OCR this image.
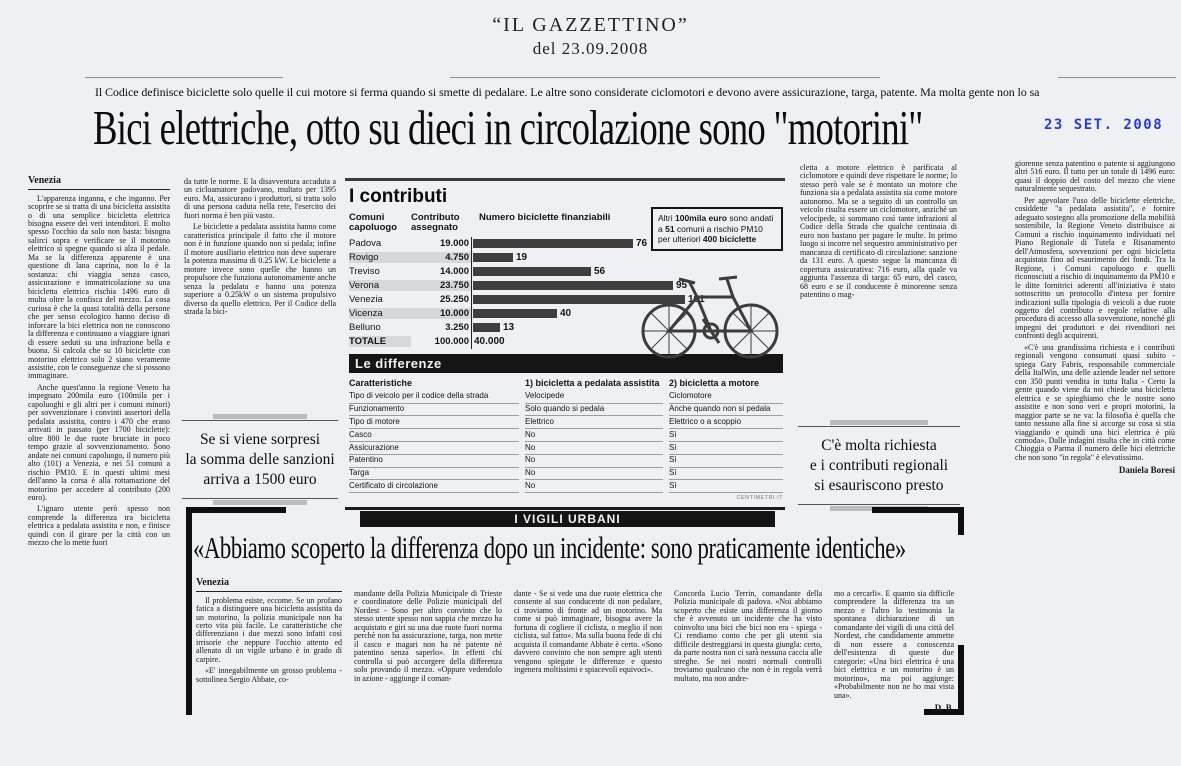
“IL GAZZETTINO”
del 23.09.2008
Il Codice definisce biciclette solo quelle il cui motore si ferma quando si smette di pedalare. Le altre sono considerate ciclomotori e devono avere assicurazione, targa, patente. Ma molta gente non lo sa
Bici elettriche, otto su dieci in circolazione sono "motorini"	23 SET. 2008
Venezia

L'apparenza inganna, e che inganno. Per scoprire se si tratta di una bicicletta assistita o di una semplice bicicletta elettrica bisogna essere dei veri intenditori. E molto spesso l'occhio da solo non basta: bisogna salirci sopra e verificare se il motorino elettrico si spegne quando si alza il pedale. Ma se la differenza apparente è una questione di lana caprina, non lo è la sostanza: chi viaggia senza casco, assicurazione e immatricolazione su una bicicletta elettrica rischia 1496 euro di multa oltre la confisca del mezzo. La cosa curiosa è che la quasi totalità della persone che per senso ecologico hanno deciso di inforcare la bici elettrica non ne conoscono la differenza e continuano a viaggiare ignari di essere seduti su una infrazione bella e buona. Si calcola che su 10 biciclette con motorino elettrico solo 2 siano veramente assistite, con le conseguenze che si possono immaginare.

Anche quest'anno la regione Veneto ha impegnato 200mila euro (100mila per i capoluoghi e gli altri per i comuni minori) per sovvenzionare i convinti assertori della pedalata assistita, contro i 470 che erano arrivati in passato (per 1700 biciclette): oltre 800 le due ruote bruciate in poco tempo grazie al sovvenzionamento. Sono andate nei comuni capoluogo, il numero più alto (101) a Venezia, e nei 51 comuni a rischio PM10. E in questi ultimi mesi dell'anno la corsa è alla rottamazione del motorino per accedere al contributo (200 euro).

L'ignaro utente però spesso non comprende la differenza tra bicicletta elettrica a pedalata assistita e non, e finisce quindi con il girare per la città con un mezzo che lo mette fuori

da tutte le norme. È la disavventura accaduta a un cicloamatore padovano, multato per 1395 euro. Ma, assicurano i produttori, si tratta solo di una persona caduta nella rete, l'esercito dei fuori norma è ben più vasto.

Le biciclette a pedalata assistita hanno come caratteristica principale il fatto che il motore non è in funzione quando non si pedala; infine il motore ausiliario elettrico non deve superare la potenza massima di 0.25 kW. Le biciclette a motore invece sono quelle che hanno un propulsore che funziona autonomamente anche senza la pedalata e hanno una potenza superiore a 0.25kW o un sistema propulsivo diverso da quello elettrico. Per il Codice della strada la bici-

Se si viene sorpresi
la somma delle sanzioni
arriva a 1500 euro
I contributi
Comuni capoluogo
Contributo assegnato
Numero biciclette finanziabili
Padova	19.000	76
Rovigo	4.750	19
Treviso	14.000	56
Verona	23.750	95
Venezia	25.250	101
Vicenza	10.000	40
Belluno	3.250	13
TOTALE	100.000 40.000
Altri 100mila euro sono andati a 51 comuni a rischio PM10 per ulteriori 400 biciclette
Le differenze
Caratteristiche	1) bicicletta a pedalata assistita	2) bicicletta a motore
Tipo di veicolo per il codice della strada	Velocipede	Ciclomotore
Funzionamento	Solo quando si pedala	Anche quando non si pedala
Tipo di motore	Elettrico	Elettrico o a scoppio
Casco	No	Sì
Assicurazione	No	Sì
Patentino	No	Sì
Targa	No	Sì
Certificato di circolazione	No	Sì
CENTIMETRI.IT

cletta a motore elettrico è parificata al ciclomotore e quindi deve rispettare le norme; lo stesso però vale se è montato un motore che funziona sia a pedalata assistita sia come motore autonomo. Ma se a seguito di un controllo un veicolo risulta essere un ciclomotore, anzichè un velocipede, si sommano così tante infrazioni al Codice della Strada che qualche centinaia di euro non bastano per pagare le multe. In primo luogo si incorre nel sequestro amministrativo per mancanza di certificato di circolazione: sanzione da 131 euro. A questo segue la mancanza di copertura assicurativa: 716 euro, alla quale va aggiunta l'assenza di targa: 65 euro, del casco, 68 euro e se il conducente è minorenne senza patentino o mag-

C'è molta richiesta
e i contributi regionali
si esauriscono presto

giorenne senza patentino o patente si aggiungono altri 516 euro. Il tutto per un totale di 1496 euro: quasi il doppio del costo del mezzo che viene naturalmente sequestrato.

Per agevolare l'uso delle biciclette elettriche, cosiddette "a pedalata assistita", e fornire adeguato sostegno alla promozione della mobilità sostenibile, la Regione Veneto distribuisce ai Comuni a rischio inquinamento individuati nel Piano Regionale di Tutela e Risanamento dell'Atmosfera, sovvenzioni per ogni bicicletta acquistata fino ad esaurimento dei fondi. Tra la Regione, i Comuni capoluogo e quelli riconosciuti a rischio di inquinamento da PM10 e le ditte fornitrici aderenti all'iniziativa è stato sottoscritto un protocollo d'intesa per fornire indicazioni sulla tipologia di veicoli a due ruote oggetto del contributo e regole relative alla procedura di accesso alla sovvenzione, nonché gli impegni dei produttori e dei rivenditori nei confronti degli acquirenti.

«C'è una grandissima richiesta e i contributi regionali vengono consumati quasi subito - spiega Gary Fabris, responsabile commerciale della ItalWin, una delle aziende leader nel settore con 350 punti vendita in tutta Italia - Certo la gente quando viene da noi chiede una bicicletta elettrica e se spieghiamo che le nostre sono assistite e non sono veri e propri motorini, la maggior parte se ne va: la filosofia è quella che tanto nessuno alla fine si accorge su cosa si stia viaggiando e quindi una bici elettrica è più comoda». Dalle indagini risulta che in città come Chioggia o Parma il numero delle bici elettriche che non sono "in regola" è elevatissimo.

Daniela Boresi
I VIGILI URBANI
«Abbiamo scoperto la differenza dopo un incidente: sono praticamente identiche»
Venezia

Il problema esiste, eccome. Se un profano fatica a distinguere una bicicletta assistita da un motorino, la polizia municipale non ha certo vita più facile. Le caratteristiche che differenziano i due mezzi sono infatti così irrisorie che neppure l'occhio attento ed allenato di un vigile urbano è in grado di carpire.

«E' innegabilmente un grosso problema - sottolinea Sergio Abbate, co-

mandante della Polizia Municipale di Trieste e coordinatore delle Polizie municipali del Nordest - Sono per altro convinto che lo stesso utente spesso non sappia che mezzo ha acquistato e giri su una due ruote fuori norma perchè non ha assicurazione, targa, non mette il casco e magari non ha nè patente nè patentino senza saperlo». In effetti chi controlla si può accorgere della differenza solo provando il mezzo. «Oppure vedendolo in azione - aggiunge il coman-

dante - Se si vede una due ruote elettrica che consente al suo conducente di non pedalare, ci troviamo di fronte ad un motorino. Ma come si può immaginare, bisogna avere la fortuna di cogliere il ciclista, o meglio il non ciclista, sul fatto». Ma sulla buona fede di chi acquista il comandante Abbate è certo. «Sono davvero convinto che non sempre agli utenti vengono spiegate le differenze e questo ingenera moltissimi e spiacevoli equivoci».

Concorda Lucio Terrin, comandante della Polizia municipale di padova. «Noi abbiamo scoperto che esiste una differenza il giorno che è avvenuto un incidente che ha visto coinvolto una bici che bici non era - spiega - Ci rendiamo conto che per gli utenti sia difficile destreggiarsi in questa giungla: certo, da parte nostra non ci sarà nessuna caccia alle streghe. Se nei nostri normali controlli troviamo qualcuno che non è in regola verrà multato, ma non andre-

mo a cercarli». E quanto sia difficile comprendere la differenza tra un mezzo e l'altro lo testimonia la spontanea dichiarazione di un comandante dei vigili di una città del Nordest, che candidamente ammette di non essere a conoscenza dell'esistenza di queste due categorie: «Una bici elettrica è una bici elettrica e un motorino è un motorino», ma poi aggiunge: «Probabilmente non ne ho mai vista una».

D. B.
